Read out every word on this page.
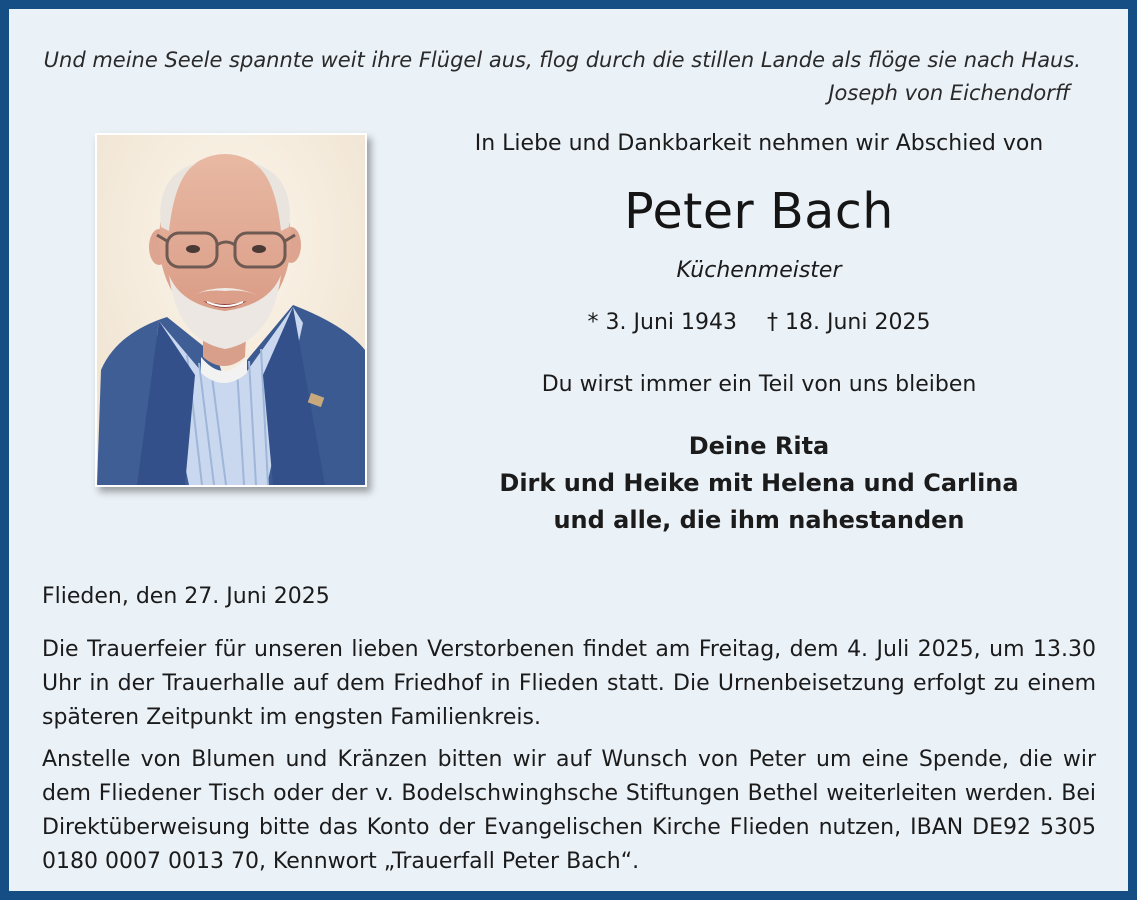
Und meine Seele spannte weit ihre Flügel aus, flog durch die stillen Lande als flöge sie nach Haus.
Joseph von Eichendorff
In Liebe und Dankbarkeit nehmen wir Abschied von
Peter Bach
Küchenmeister
* 3. Juni 1943 † 18. Juni 2025
Du wirst immer ein Teil von uns bleiben
Deine Rita
Dirk und Heike mit Helena und Carlina
und alle, die ihm nahestanden
Flieden, den 27. Juni 2025
Die Trauerfeier für unseren lieben Verstorbenen findet am Freitag, dem 4. Juli 2025, um 13.30 Uhr in der Trauerhalle auf dem Friedhof in Flieden statt. Die Urnenbeisetzung erfolgt zu einem späteren Zeitpunkt im engsten Familienkreis.
Anstelle von Blumen und Kränzen bitten wir auf Wunsch von Peter um eine Spende, die wir dem Fliedener Tisch oder der v. Bodelschwinghsche Stiftungen Bethel weiterleiten werden. Bei Direktüberweisung bitte das Konto der Evangelischen Kirche Flieden nutzen, IBAN DE92 5305 0180 0007 0013 70, Kennwort „Trauerfall Peter Bach“.
